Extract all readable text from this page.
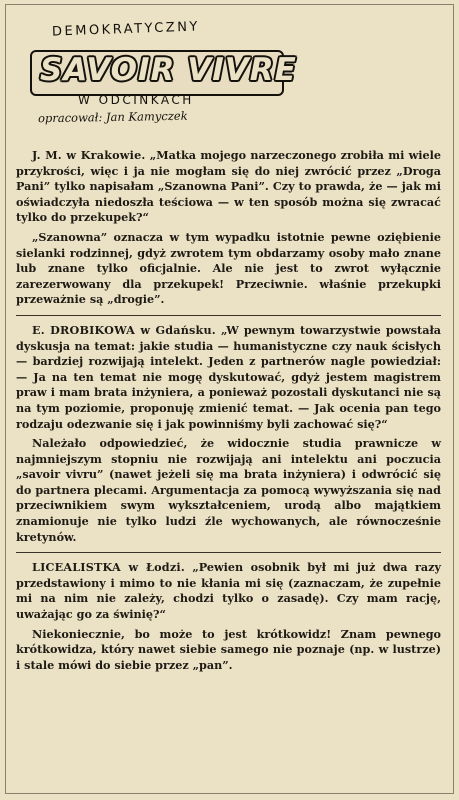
DEMOKRATYCZNY
SAVOIR VIVRE
W ODCINKACH
opracował: Jan Kamyczek

J. M. w Krakowie. „Matka mojego narzeczonego zrobiła mi wiele przykrości, więc i ja nie mogłam się do niej zwrócić przez „Droga Pani” tylko napisałam „Szanowna Pani”. Czy to prawda, że — jak mi oświadczyła niedoszła teściowa — w ten sposób można się zwracać tylko do przekupek?“

„Szanowna” oznacza w tym wypadku istotnie pewne oziębienie sielanki rodzinnej, gdyż zwrotem tym obdarzamy osoby mało znane lub znane tylko oficjalnie. Ale nie jest to zwrot wyłącznie zarezerwowany dla przekupek! Przeciwnie. właśnie przekupki przeważnie są „drogie”.

E. DROBIKOWA w Gdańsku. „W pewnym towarzystwie powstała dyskusja na temat: jakie studia — humanistyczne czy nauk ścisłych — bardziej rozwijają intelekt. Jeden z partnerów nagle powiedział: — Ja na ten temat nie mogę dyskutować, gdyż jestem magistrem praw i mam brata inżyniera, a ponieważ pozostali dyskutanci nie są na tym poziomie, proponuję zmienić temat. — Jak ocenia pan tego rodzaju odezwanie się i jak powinniśmy byli zachować się?“

Należało odpowiedzieć, że widocznie studia prawnicze w najmniejszym stopniu nie rozwijają ani intelektu ani poczucia „savoir vivru” (nawet jeżeli się ma brata inżyniera) i odwrócić się do partnera plecami. Argumentacja za pomocą wywyższania się nad przeciwnikiem swym wykształceniem, urodą albo majątkiem znamionuje nie tylko ludzi źle wychowanych, ale równocześnie kretynów.

LICEALISTKA w Łodzi. „Pewien osobnik był mi już dwa razy przedstawiony i mimo to nie kłania mi się (zaznaczam, że zupełnie mi na nim nie zależy, chodzi tylko o zasadę). Czy mam rację, uważając go za świnię?“

Niekoniecznie, bo może to jest krótkowidz! Znam pewnego krótkowidza, który nawet siebie samego nie poznaje (np. w lustrze) i stale mówi do siebie przez „pan”.
